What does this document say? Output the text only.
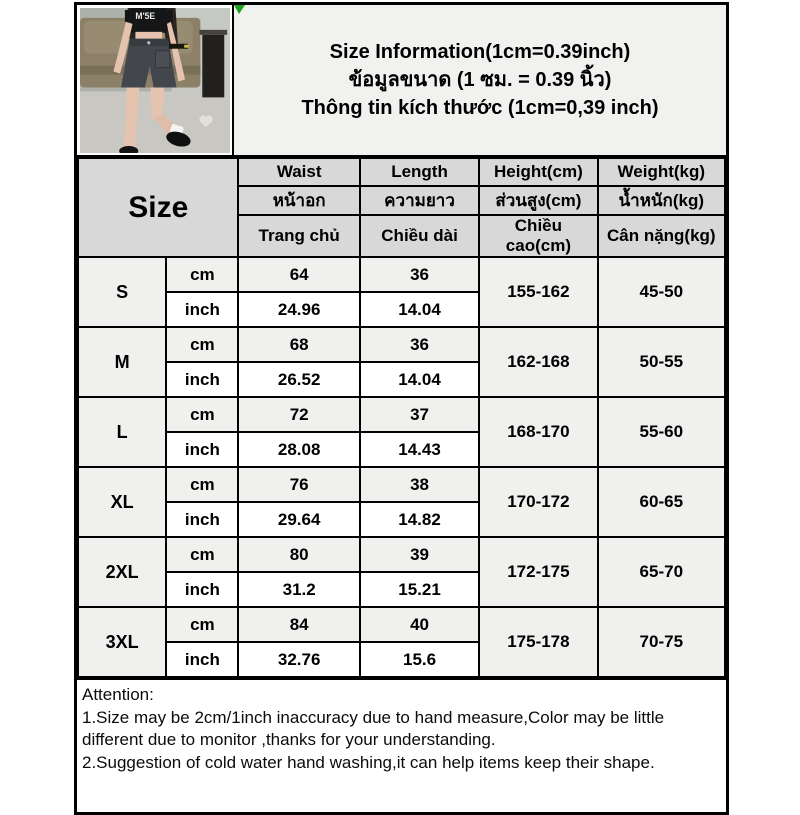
M'5E
Size Information(1cm=0.39inch)
ข้อมูลขนาด (1 ซม. = 0.39 นิ้ว)
Thông tin kích thước (1cm=0,39 inch)
Size		Waist	Length	Height(cm)	Weight(kg)
		หน้าอก	ความยาว	ส่วนสูง(cm)	น้ำหนัก(kg)
		Trang chủ	Chiều dài	Chiều cao(cm)	Cân nặng(kg)
S	cm	64	36	155-162	45-50
	inch	24.96	14.04		
M	cm	68	36	162-168	50-55
	inch	26.52	14.04		
L	cm	72	37	168-170	55-60
	inch	28.08	14.43		
XL	cm	76	38	170-172	60-65
	inch	29.64	14.82		
2XL	cm	80	39	172-175	65-70
	inch	31.2	15.21		
3XL	cm	84	40	175-178	70-75
	inch	32.76	15.6		
Attention:
1.Size may be 2cm/1inch inaccuracy due to hand measure,Color may be little different due to monitor ,thanks for your understanding.
2.Suggestion of cold water hand washing,it can help items keep their shape.
